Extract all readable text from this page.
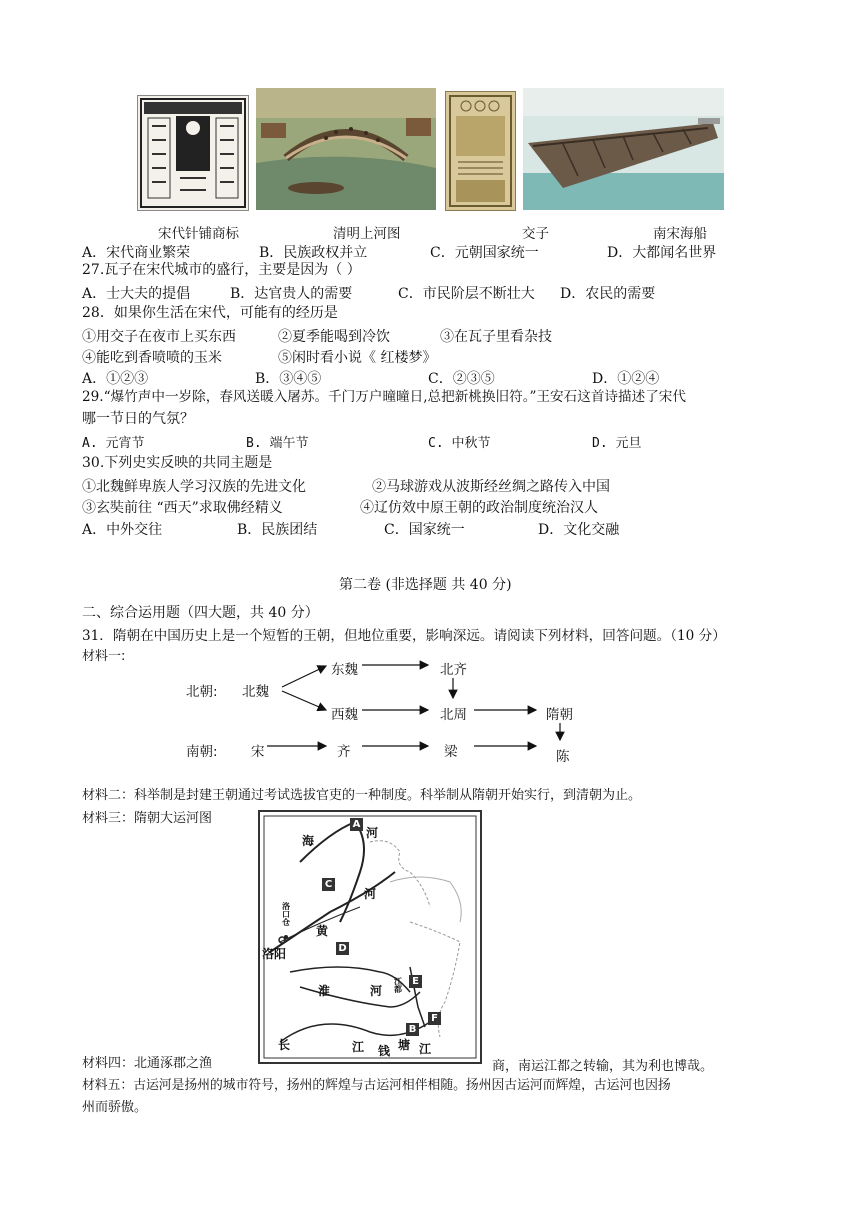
宋代针铺商标	清明上河图	交子	南宋海船
A．宋代商业繁荣	B．民族政权并立	C．元朝国家统一	D．大都闻名世界
27.瓦子在宋代城市的盛行，主要是因为（ ）
A．士大夫的提倡	B．达官贵人的需要	C．市民阶层不断壮大 D．农民的需要
28．如果你生活在宋代，可能有的经历是
①用交子在夜市上买东西	②夏季能喝到冷饮	③在瓦子里看杂技
④能吃到香喷喷的玉米	⑤闲时看小说《 红楼梦》
A．①②③	B．③④⑤	C．②③⑤	D．①②④
29.“爆竹声中一岁除，春风送暖入屠苏。千门万户曈曈日,总把新桃换旧符。”王安石这首诗描述了宋代
哪一节日的气氛？
A. 元宵节	B. 端午节	C. 中秋节	D. 元旦
30.下列史实反映的共同主题是
①北魏鲜卑族人学习汉族的先进文化	②马球游戏从波斯经丝绸之路传入中国
③玄奘前往 “西天”求取佛经精义	④辽仿效中原王朝的政治制度统治汉人
A．中外交往	B．民族团结	C．国家统一	D．文化交融
第二卷 (非选择题 共 40 分)
二、综合运用题（四大题，共 40 分）
31．隋朝在中国历史上是一个短暂的王朝，但地位重要，影响深远。请阅读下列材料，回答问题。（10 分）
材料一:
北朝: 北魏
东魏	北齐
西魏	北周	隋朝
南朝: 宋	齐	梁	陈
材料二：科举制是封建王朝通过考试选拔官吏的一种制度。科举制从隋朝开始实行，到清朝为止。
材料三：隋朝大运河图
海
河
河
黄
淮	河
长	江 钱 塘 江
洛阳
洛口仓
江都
A
B
C
D
E
F
材料四：北通涿郡之渔	商，南运江都之转输，其为利也博哉。
材料五：古运河是扬州的城市符号，扬州的辉煌与古运河相伴相随。扬州因古运河而辉煌，古运河也因扬
州而骄傲。
